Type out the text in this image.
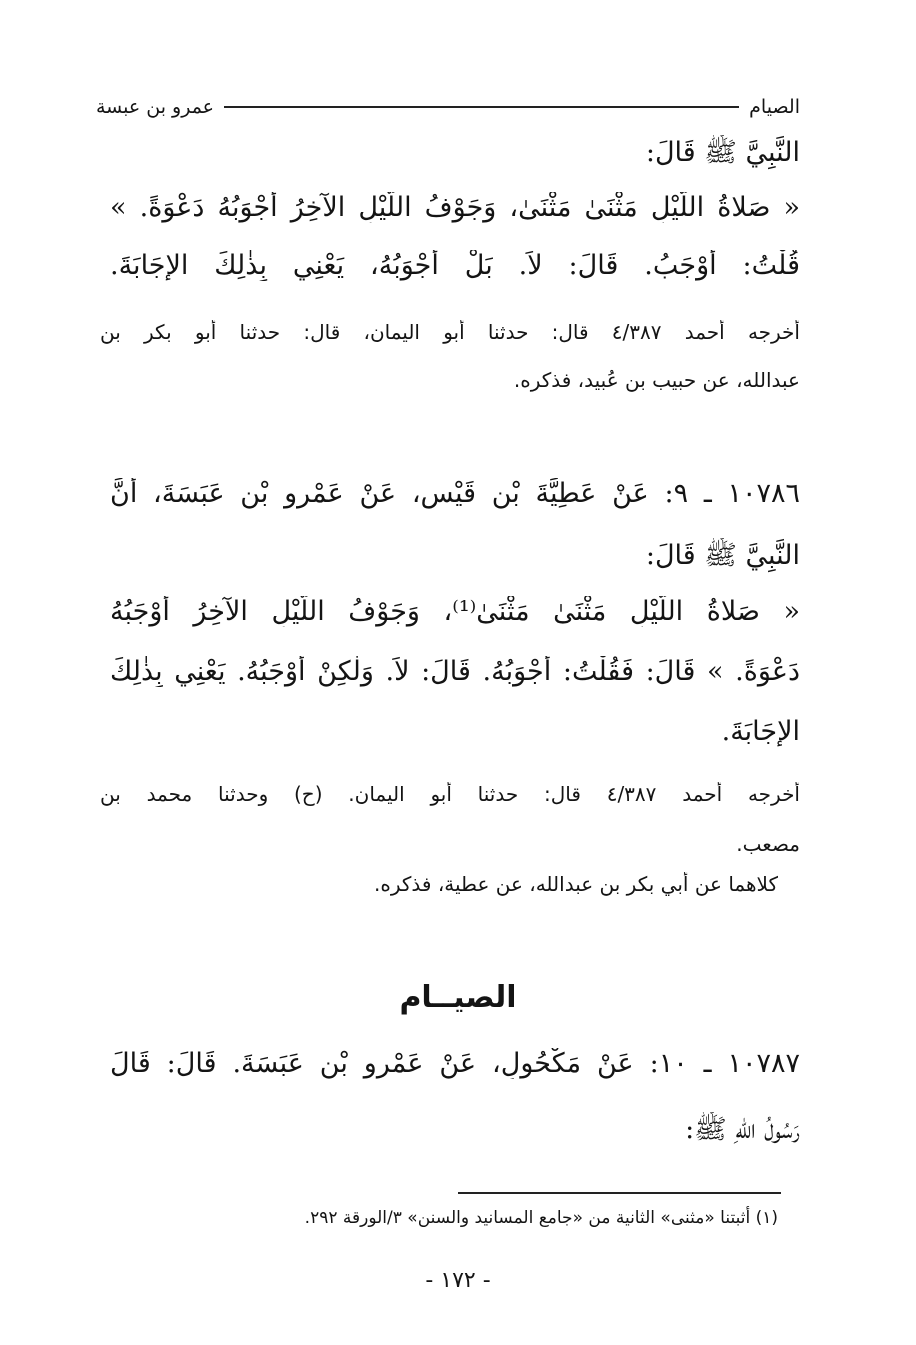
الصيام
عمرو بن عبسة
النَّبِيَّ ﷺ قَالَ:
« صَلاةُ اللَّيْلِ مَثْنَىٰ مَثْنَىٰ، وَجَوْفُ اللَّيْلِ الآخِرُ أَجْوَبُهُ دَعْوَةً. »
قُلْتُ: أَوْجَبُ. قَالَ: لاَ. بَلْ أَجْوَبُهُ، يَعْنِي بِذٰلِكَ الإِجَابَةَ.
أخرجه أحمد ٤/٣٨٧ قال: حدثنا أبو اليمان، قال: حدثنا أبو بكر بن
عبدالله، عن حبيب بن عُبيد، فذكره.
١٠٧٨٦ ـ ٩: عَنْ عَطِيَّةَ بْنِ قَيْسٍ، عَنْ عَمْرِو بْنِ عَبَسَةَ، أَنَّ
النَّبِيَّ ﷺ قَالَ:
« صَلاةُ اللَّيْلِ مَثْنَىٰ مَثْنَىٰ⁽¹⁾، وَجَوْفُ اللَّيْلِ الآخِرُ أَوْجَبُهُ
دَعْوَةً. » قَالَ: فَقُلْتُ: أَجْوَبُهُ. قَالَ: لاَ. وَلٰكِنْ أَوْجَبُهُ. يَعْنِي بِذٰلِكَ
الإِجَابَةَ.
أخرجه أحمد ٤/٣٨٧ قال: حدثنا أبو اليمان. (ح) وحدثنا محمد بن
مصعب.
كلاهما عن أبي بكر بن عبدالله، عن عطية، فذكره.
الصيــام
١٠٧٨٧ ـ ١٠: عَنْ مَكْحُولٍ، عَنْ عَمْرِو بْنِ عَبَسَةَ. قَالَ: قَالَ
رَسُولُ اللهِ ﷺ:
(١) أثبتنا «مثنى» الثانية من «جامع المسانيد والسنن» ٣/الورقة ٢٩٢.
- ١٧٢ -
